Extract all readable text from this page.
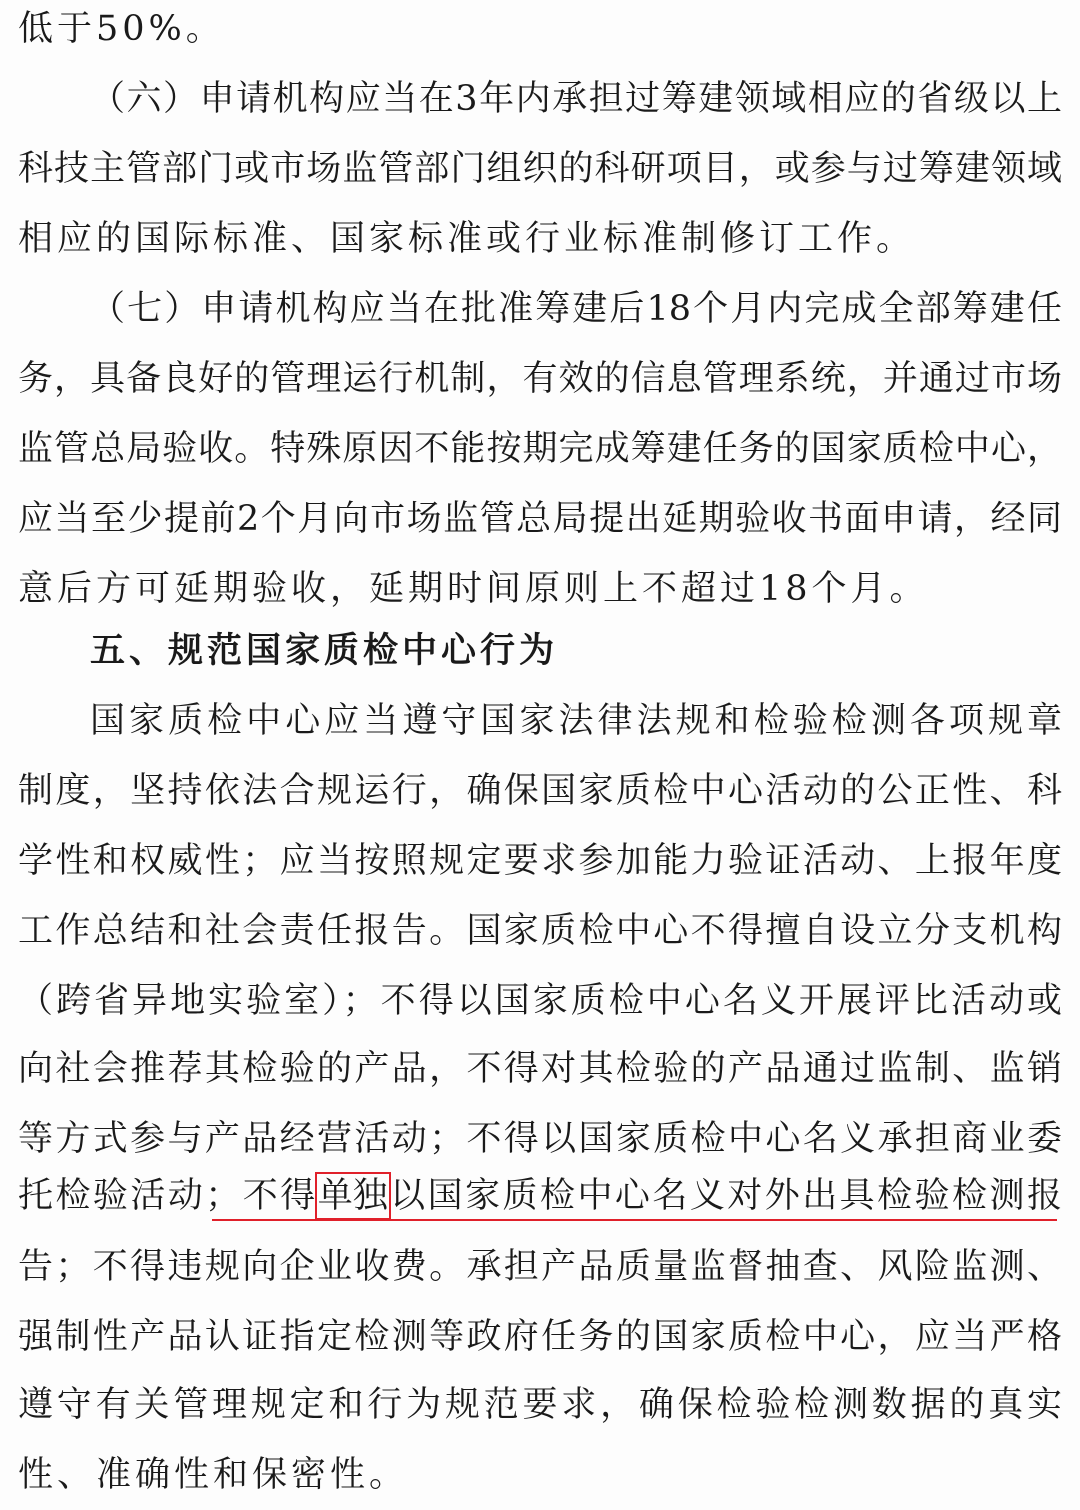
低于50%。
（六）申请机构应当在3年内承担过筹建领域相应的省级以上
科技主管部门或市场监管部门组织的科研项目，或参与过筹建领域
相应的国际标准、国家标准或行业标准制修订工作。
（七）申请机构应当在批准筹建后18个月内完成全部筹建任
务，具备良好的管理运行机制，有效的信息管理系统，并通过市场
监管总局验收。特殊原因不能按期完成筹建任务的国家质检中心，
应当至少提前2个月向市场监管总局提出延期验收书面申请，经同
意后方可延期验收，延期时间原则上不超过18个月。
五、规范国家质检中心行为
国家质检中心应当遵守国家法律法规和检验检测各项规章
制度，坚持依法合规运行，确保国家质检中心活动的公正性、科
学性和权威性；应当按照规定要求参加能力验证活动、上报年度
工作总结和社会责任报告。国家质检中心不得擅自设立分支机构
（跨省异地实验室）；不得以国家质检中心名义开展评比活动或
向社会推荐其检验的产品，不得对其检验的产品通过监制、监销
等方式参与产品经营活动；不得以国家质检中心名义承担商业委
托检验活动；不得单独以国家质检中心名义对外出具检验检测报
告；不得违规向企业收费。承担产品质量监督抽查、风险监测、
强制性产品认证指定检测等政府任务的国家质检中心，应当严格
遵守有关管理规定和行为规范要求，确保检验检测数据的真实
性、准确性和保密性。
